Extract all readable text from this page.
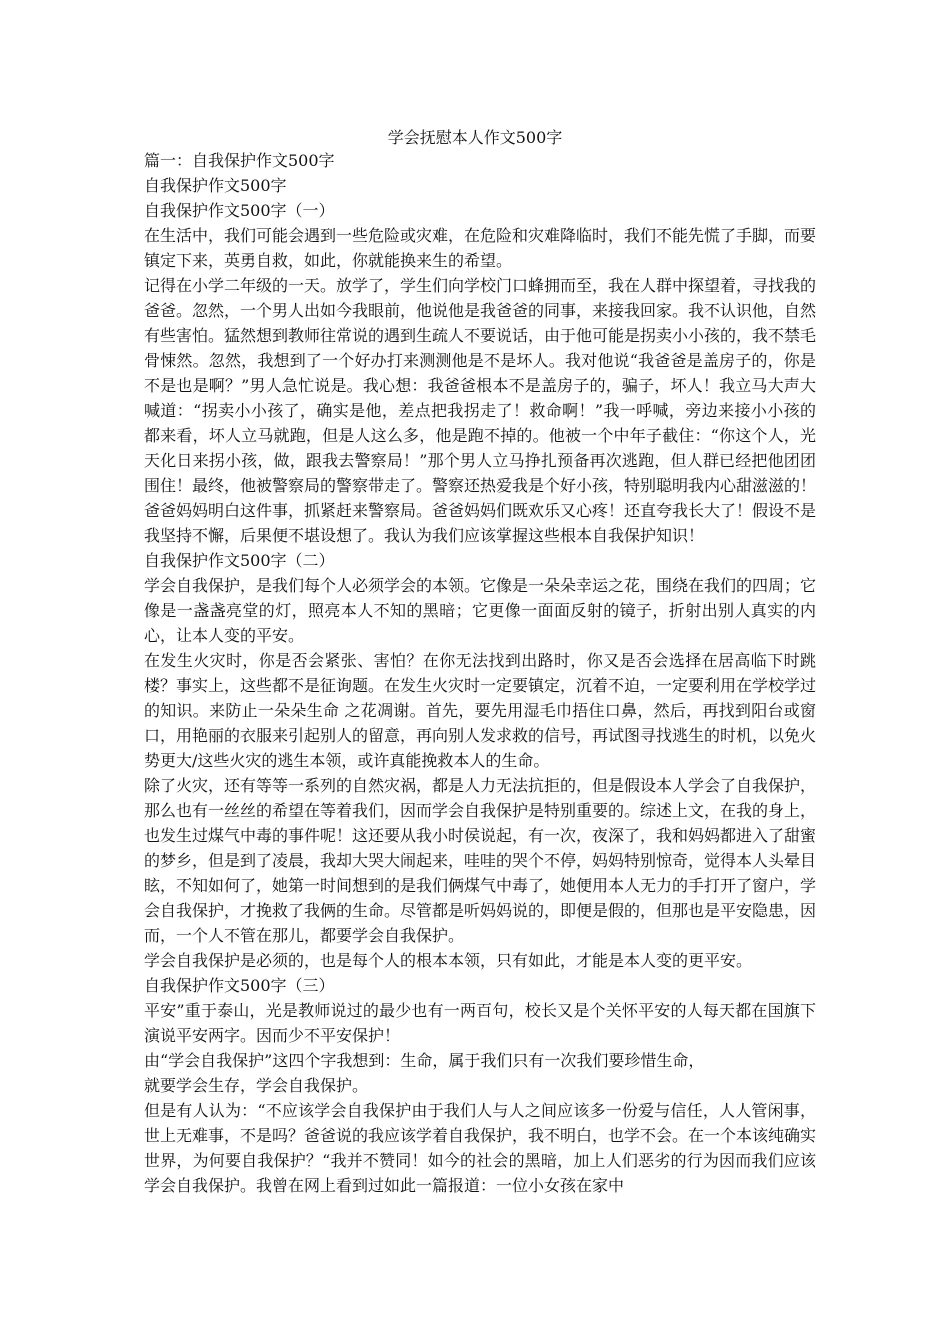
学会抚慰本人作文500字

篇一：自我保护作文500字

自我保护作文500字

自我保护作文500字（一）

在生活中，我们可能会遇到一些危险或灾难，在危险和灾难降临时，我们不能先慌了手脚，而要镇定下来，英勇自救，如此，你就能换来生的希望。

记得在小学二年级的一天。放学了，学生们向学校门口蜂拥而至，我在人群中探望着，寻找我的爸爸。忽然，一个男人出如今我眼前，他说他是我爸爸的同事，来接我回家。我不认识他，自然有些害怕。猛然想到教师往常说的遇到生疏人不要说话，由于他可能是拐卖小小孩的，我不禁毛骨悚然。忽然，我想到了一个好办打来测测他是不是坏人。我对他说“我爸爸是盖房子的，你是不是也是啊？”男人急忙说是。我心想：我爸爸根本不是盖房子的，骗子，坏人！我立马大声大喊道：“拐卖小小孩了，确实是他，差点把我拐走了！救命啊！”我一呼喊，旁边来接小小孩的都来看，坏人立马就跑，但是人这么多，他是跑不掉的。他被一个中年子截住：“你这个人，光天化日来拐小孩，做，跟我去警察局！”那个男人立马挣扎预备再次逃跑，但人群已经把他团团围住！最终，他被警察局的警察带走了。警察还热爱我是个好小孩，特别聪明我内心甜滋滋的！爸爸妈妈明白这件事，抓紧赶来警察局。爸爸妈妈们既欢乐又心疼！还直夸我长大了！假设不是我坚持不懈，后果便不堪设想了。我认为我们应该掌握这些根本自我保护知识！

自我保护作文500字（二）

学会自我保护，是我们每个人必须学会的本领。它像是一朵朵幸运之花，围绕在我们的四周；它像是一盏盏亮堂的灯，照亮本人不知的黑暗；它更像一面面反射的镜子，折射出别人真实的内心，让本人变的平安。

在发生火灾时，你是否会紧张、害怕？在你无法找到出路时，你又是否会选择在居高临下时跳楼？事实上，这些都不是征询题。在发生火灾时一定要镇定，沉着不迫，一定要利用在学校学过的知识。来防止一朵朵生命 之花凋谢。首先，要先用湿毛巾捂住口鼻，然后，再找到阳台或窗口，用艳丽的衣服来引起别人的留意，再向别人发求救的信号，再试图寻找逃生的时机，以免火势更大/这些火灾的逃生本领，或许真能挽救本人的生命。

除了火灾，还有等等一系列的自然灾祸，都是人力无法抗拒的，但是假设本人学会了自我保护，那么也有一丝丝的希望在等着我们，因而学会自我保护是特别重要的。综述上文，在我的身上，也发生过煤气中毒的事件呢！这还要从我小时侯说起，有一次，夜深了，我和妈妈都进入了甜蜜的梦乡，但是到了凌晨，我却大哭大闹起来，哇哇的哭个不停，妈妈特别惊奇，觉得本人头晕目眩，不知如何了，她第一时间想到的是我们俩煤气中毒了，她便用本人无力的手打开了窗户，学会自我保护，才挽救了我俩的生命。尽管都是听妈妈说的，即便是假的，但那也是平安隐患，因而，一个人不管在那儿，都要学会自我保护。

学会自我保护是必须的，也是每个人的根本本领，只有如此，才能是本人变的更平安。

自我保护作文500字（三）

平安”重于泰山，光是教师说过的最少也有一两百句，校长又是个关怀平安的人每天都在国旗下演说平安两字。因而少不平安保护！

由“学会自我保护”这四个字我想到：生命，属于我们只有一次我们要珍惜生命，

就要学会生存，学会自我保护。

但是有人认为：“不应该学会自我保护由于我们人与人之间应该多一份爱与信任，人人管闲事，世上无难事，不是吗？爸爸说的我应该学着自我保护，我不明白，也学不会。在一个本该纯确实世界，为何要自我保护？“我并不赞同！如今的社会的黑暗，加上人们恶劣的行为因而我们应该学会自我保护。我曾在网上看到过如此一篇报道：一位小女孩在家中
